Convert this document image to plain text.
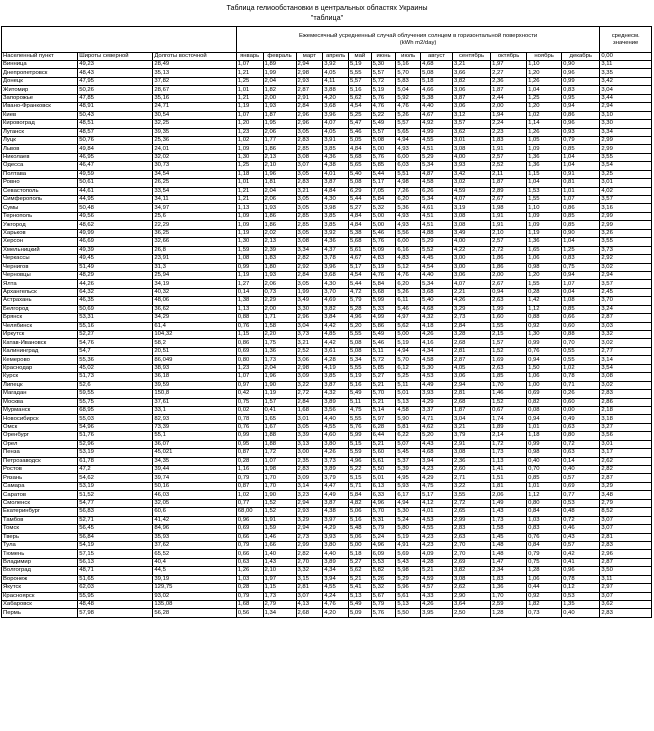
Таблица гелиообстановки в центральных областях Украины
"таблица"

			Ежемесячный усредненный случай облучения солнцем в горизонтальной поверхности
(kWh m2/day)												среднесм. значение
Населенный пункт	Широты северной	Долготы восточной	январь	февраль	март	апрель	май	июнь	июль	август	сентябрь	октябрь	ноябрь	декабрь	0,00
Винница	49,23	28,49	1,07	1,89	2,94	3,92	5,19	5,30	5,16	4,68	3,21	1,97	1,10	0,90	3,11
Днепропетровск	48,43	35,13	1,21	1,99	2,98	4,05	5,55	5,57	5,70	5,08	3,66	2,27	1,20	0,96	3,35
Донецк	47,95	37,82	1,25	2,04	2,93	4,11	5,57	5,72	5,83	5,18	3,82	2,36	1,26	0,99	3,42
Житомир	50,26	28,67	1,01	1,82	2,87	3,88	5,16	5,19	5,04	4,66	3,06	1,87	1,04	0,83	3,04
Запорожье	47,85	35,16	1,21	2,00	2,91	4,20	5,62	5,76	5,92	5,38	3,87	2,44	1,25	0,95	3,44
Ивано-Франковск	48,91	24,71	1,19	1,93	2,84	3,68	4,54	4,76	4,76	4,40	3,06	2,00	1,20	0,94	2,94
Киев	50,43	30,54	1,07	1,87	2,96	3,96	5,25	5,22	5,26	4,67	3,12	1,94	1,02	0,86	3,10
Кировоград	48,51	32,25	1,20	1,95	2,96	4,07	5,47	5,49	5,57	4,92	3,57	2,24	1,14	0,96	3,30
Луганск	48,57	39,35	1,23	2,06	3,05	4,05	5,46	5,57	5,65	4,99	3,62	2,23	1,26	0,93	3,34
Луцк	50,76	25,36	1,02	1,77	2,83	3,91	5,05	5,08	4,94	4,55	3,01	1,83	1,05	0,79	2,99
Львов	49,84	24,01	1,09	1,86	2,85	3,85	4,84	5,00	4,93	4,51	3,08	1,91	1,09	0,85	2,99
Николаев	46,95	32,02	1,30	2,13	3,08	4,36	5,68	5,76	6,00	5,29	4,00	2,57	1,36	1,04	3,55
Одесса	46,47	30,73	1,25	2,10	3,07	4,38	5,65	5,85	6,03	5,34	3,93	2,52	1,36	1,04	3,54
Полтава	49,59	34,54	1,18	1,96	3,05	4,01	5,40	5,44	5,51	4,87	3,42	2,11	1,15	0,91	3,25
Ровно	50,61	26,25	1,01	1,81	2,83	3,87	5,08	5,17	4,98	4,58	3,02	1,87	1,04	0,81	3,01
Севастополь	44,61	33,54	1,21	2,04	3,21	4,84	6,29	7,05	7,26	6,26	4,59	2,89	1,53	1,01	4,02
Симферополь	44,95	34,11	1,21	2,06	3,05	4,30	5,44	5,84	6,20	5,34	4,07	2,67	1,55	1,07	3,57
Сумы	50,48	34,97	1,13	1,93	3,05	3,98	5,27	5,32	5,36	4,61	3,19	1,98	1,10	0,86	3,16
Тернополь	49,56	25,6	1,09	1,86	2,85	3,85	4,84	5,00	4,93	4,51	3,08	1,91	1,09	0,85	2,99
Ужгород	48,62	22,29	1,09	1,86	2,85	3,85	4,84	5,00	4,93	4,51	3,08	1,91	1,09	0,85	2,99
Харьков	49,99	36,25	1,19	2,02	3,05	3,92	5,38	5,46	5,56	4,88	3,49	2,10	1,19	0,90	3,26
Херсон	46,69	32,66	1,30	2,13	3,08	4,36	5,68	5,76	6,00	5,29	4,00	2,57	1,36	1,04	3,55
Хмельницкий	49,39	26,8	1,59	2,39	3,34	4,37	5,61	5,09	6,16	5,52	4,22	2,72	1,65	1,25	3,73
Черкассы	49,45	23,91	1,08	1,83	2,82	3,78	4,67	4,83	4,83	4,45	3,00	1,86	1,06	0,83	2,92
Чернигов	51,49	31,3	0,99	1,80	2,92	3,96	5,17	5,19	5,12	4,54	3,00	1,86	0,98	0,75	3,02
Черновцы	48,29	25,94	1,19	1,93	2,84	3,68	4,54	4,76	4,76	4,40	3,06	2,00	1,20	0,94	2,94
Ялта	44,26	34,19	1,27	2,06	3,05	4,30	5,44	5,84	6,20	5,34	4,07	2,67	1,55	1,07	3,57
Архангельск	64,32	40,32	0,14	0,73	1,99	3,70	4,72	5,68	5,26	3,68	2,21	0,94	0,28	0,04	2,45
Астрахань	46,35	48,06	1,38	2,29	3,49	4,69	5,79	5,99	6,11	5,40	4,26	2,63	1,42	1,08	3,70
Белгород	50,69	36,62	1,13	2,00	3,30	3,82	5,28	5,33	5,46	4,68	3,29	1,99	1,12	0,85	3,24
Брянск	53,31	34,29	0,88	1,71	2,96	3,84	4,96	4,99	4,97	4,32	2,73	1,60	0,88	0,66	2,87
Челябинск	55,16	61,4	0,76	1,58	3,04	4,42	5,20	5,86	5,62	4,18	2,84	1,55	0,92	0,60	3,03
Иркутск	52,27	104,32	1,15	2,20	3,73	4,85	5,55	5,49	5,00	4,26	3,28	2,15	1,30	0,88	3,32
Катав-Ивановск	54,76	58,2	0,86	1,75	3,21	4,42	5,08	5,46	5,19	4,16	2,68	1,57	0,99	0,70	3,02
Калининград	54,7	20,51	0,69	1,36	2,52	3,61	5,08	5,11	4,94	4,34	2,81	1,52	0,76	0,55	2,77
Кемерово	55,36	86,049	0,80	1,73	3,06	4,28	5,34	5,72	5,70	4,58	2,87	1,69	0,94	0,55	3,14
Краснодар	45,02	38,93	1,23	2,04	2,98	4,19	5,55	5,85	6,12	5,30	4,05	2,63	1,50	1,02	3,54
Курск	51,73	36,18	1,07	1,96	3,09	3,85	5,19	5,27	5,25	4,53	3,06	1,85	1,06	0,78	3,08
Липецк	52,6	39,59	0,97	1,90	3,22	3,87	5,16	5,21	5,11	4,49	2,94	1,70	1,00	0,71	3,02
Магадан	59,55	150,8	0,42	1,19	2,72	4,32	5,49	5,70	5,01	3,93	2,81	1,46	0,69	0,26	2,83
Москва	55,75	37,61	0,75	1,57	2,84	3,89	5,11	5,21	5,13	4,29	2,68	1,52	0,82	0,60	2,86
Мурманск	68,95	33,1	0,02	0,41	1,68	3,56	4,75	5,14	4,58	3,37	1,87	0,67	0,08	0,00	2,18
Новосибирск	55,03	82,93	0,78	1,65	3,01	4,40	5,55	5,97	5,90	4,71	3,04	1,74	0,94	0,49	3,18
Омск	54,96	73,39	0,76	1,67	3,05	4,55	5,76	6,28	5,81	4,62	3,21	1,89	1,01	0,63	3,27
Оренбург	51,76	55,1	0,99	1,88	3,39	4,60	5,99	6,44	6,22	5,20	3,79	2,14	1,18	0,80	3,56
Орел	52,96	36,07	0,95	1,88	3,13	3,80	5,15	5,21	5,07	4,43	2,91	1,72	0,99	0,72	3,01
Пенза	53,19	45,021	0,87	1,72	3,00	4,26	5,59	5,60	5,45	4,68	3,08	1,73	0,98	0,63	3,17
Петрозаводск	61,78	34,35	0,28	1,07	2,35	3,73	4,96	5,61	5,37	3,94	2,36	1,13	0,40	0,14	2,62
Ростов	47,2	39,44	1,16	1,98	2,83	3,89	5,22	5,50	5,39	4,23	2,60	1,41	0,70	0,40	2,82
Рязань	54,62	39,74	0,79	1,70	3,09	3,79	5,15	5,01	4,95	4,29	2,71	1,51	0,85	0,57	2,87
Самара	53,19	50,16	0,87	1,70	3,14	4,47	5,71	6,13	5,93	4,75	3,22	1,81	1,01	0,69	3,29
Саратов	51,52	46,03	1,02	1,90	3,23	4,49	5,84	6,33	6,17	5,17	3,55	2,06	1,12	0,77	3,48
Смоленск	54,77	32,05	0,77	1,52	2,94	3,87	4,82	4,96	4,94	4,12	2,72	1,49	0,80	0,53	2,79
Екатеринбург	56,83	60,6	68,00	1,52	2,93	4,38	5,06	5,70	5,30	4,01	2,65	1,43	0,84	0,48	8,52
Тамбов	52,71	41,42	0,96	1,91	3,29	3,97	5,16	5,31	5,24	4,53	2,99	1,73	1,03	0,72	3,07
Томск	56,45	84,96	0,69	1,59	2,94	4,29	5,48	5,79	5,80	4,55	2,83	1,58	0,83	0,46	3,07
Тверь	56,84	35,93	0,66	1,46	2,73	3,93	5,06	5,24	5,19	4,23	2,63	1,45	0,76	0,43	2,81
Тула	54,19	37,62	0,79	1,66	2,99	3,80	5,00	4,96	4,91	4,23	2,70	1,48	0,84	0,57	2,83
Тюмень	57,15	65,52	0,66	1,40	2,82	4,40	5,18	6,09	5,69	4,09	2,70	1,48	0,79	0,42	2,96
Владимир	56,13	40,4	0,63	1,43	2,70	3,89	5,27	5,53	5,43	4,28	2,69	1,47	0,75	0,41	2,87
Волгоград	48,71	44,5	1,26	2,10	3,32	4,34	5,62	5,82	5,98	5,21	3,82	2,34	1,28	0,96	3,50
Воронеж	51,65	39,19	1,03	1,97	3,15	3,94	5,21	5,26	5,29	4,59	3,08	1,83	1,06	0,78	3,11
Якутск	62,03	129,75	0,28	1,15	2,81	4,55	5,41	5,32	5,96	4,57	2,62	1,36	0,44	0,12	2,97
Красноярск	55,95	93,02	0,79	1,73	3,07	4,24	5,13	5,67	5,61	4,33	2,90	1,70	0,92	0,53	3,07
Хабаровск	48,48	135,08	1,68	2,79	4,13	4,76	5,49	5,79	5,13	4,26	3,64	2,59	1,82	1,35	3,62
Пермь	57,98	56,28	0,56	1,34	2,68	4,20	5,09	5,76	5,50	3,95	2,50	1,28	0,73	0,40	2,83
